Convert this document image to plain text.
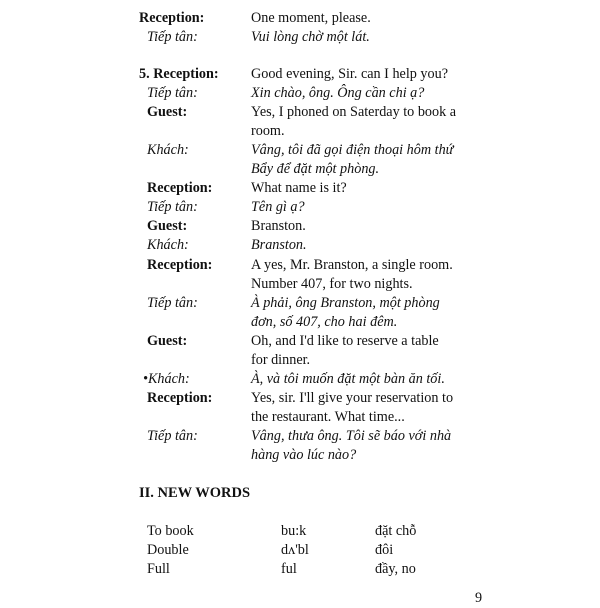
Reception:	One moment, please.
Tiếp tân:	Vui lòng chờ một lát.
5. Reception: Good evening, Sir. can I help you?
Tiếp tân:	Xin chào, ông. Ông cần chi ạ?
Guest:	Yes, I phoned on Saterday to book a
room.
Khách:	Vâng, tôi đã gọi điện thoại hôm thứ
Bẩy để đặt một phòng.
Reception:	What name is it?
Tiếp tân:	Tên gì ạ?
Guest:	Branston.
Khách:	Branston.
Reception:	A yes, Mr. Branston, a single room.
Number 407, for two nights.
Tiếp tân:	À phải, ông Branston, một phòng
đơn, số 407, cho hai đêm.
Guest:	Oh, and I'd like to reserve a table
for dinner.
•Khách:	À, và tôi muốn đặt một bàn ăn tối.
Reception:	Yes, sir. I'll give your reservation to
the restaurant. What time...
Tiếp tân:	Vâng, thưa ông. Tôi sẽ báo với nhà
hàng vào lúc nào?
II. NEW WORDS
To book	bu:k	đặt chỗ
Double	dʌ'bl	đôi
Full	ful	đầy, no
9
